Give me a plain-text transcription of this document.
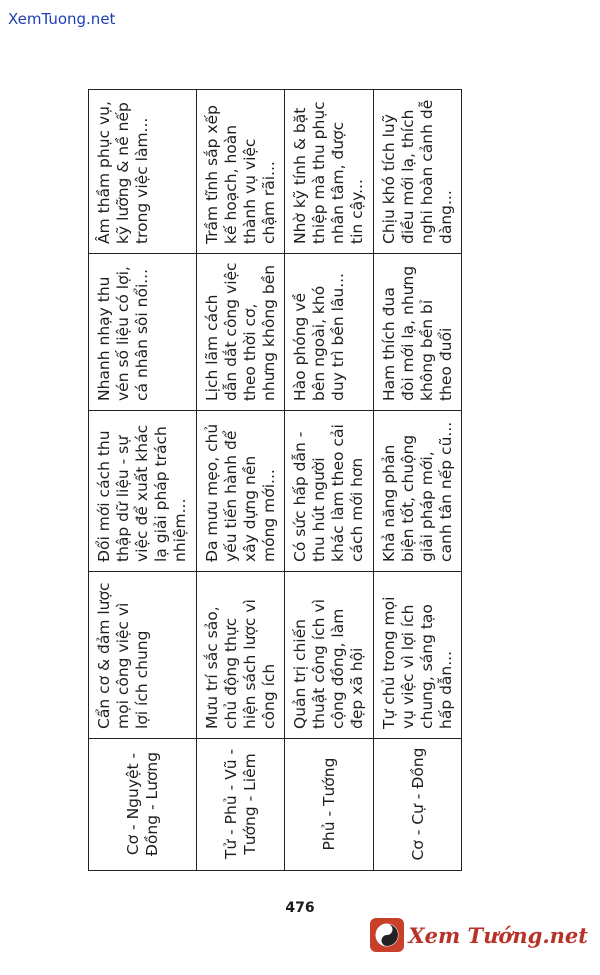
XemTuong.net
Cơ - Nguyệt - Đồng - Lương	Cẩn cơ & đảm lược mọi công việc vì lợi ích chung	Đổi mới cách thu thập dữ liệu - sự việc để xuất khác lạ giải pháp trách nhiệm...	Nhanh nhạy thu vén số liệu có lợi, cá nhân sôi nổi...	Âm thầm phục vụ, kỹ lưỡng & nề nếp trong việc làm...
Tử - Phủ - Vũ - Tướng - Liêm	Mưu trí sắc sảo, chủ động thực hiện sách lược vì công ích	Đa mưu mẹo, chủ yếu tiến hành để xây dựng nền móng mới...	Lịch lãm cách dẫn dắt công việc theo thời cơ, nhưng không bền	Trầm tĩnh sắp xếp kế hoạch, hoàn thành vụ việc chậm rãi...
Phủ - Tướng	Quản trị chiến thuật công ích vì cộng đồng, làm đẹp xã hội	Có sức hấp dẫn - thu hút người khác làm theo cải cách mới hơn	Hào phóng về bên ngoài, khó duy trì bền lâu...	Nhờ kỹ tính & bặt thiệp mà thu phục nhân tâm, được tin cậy...
Cơ - Cự - Đồng	Tự chủ trong mọi vụ việc vì lợi ích chung, sáng tạo hấp dẫn...	Khả năng phản biện tốt, chuộng giải pháp mới, canh tân nếp cũ...	Ham thích đua đòi mới lạ, nhưng không bền bỉ theo đuổi	Chịu khó tích luỹ điều mới lạ, thích nghi hoàn cảnh dễ dàng...
476
Xem Tướng.net
